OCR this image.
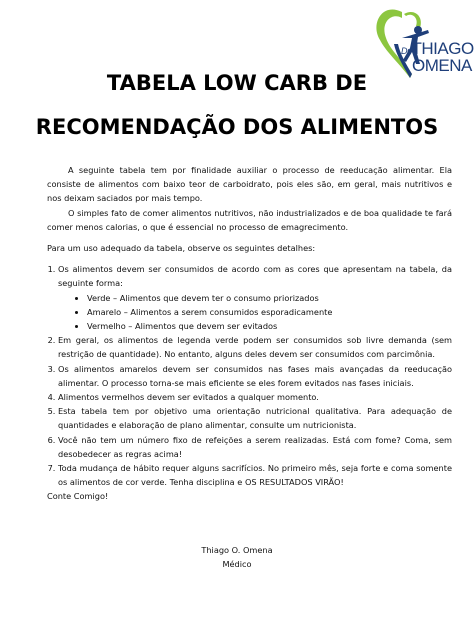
Dr THIAGO
OMENA
TABELA LOW CARB DE
RECOMENDAÇÃO DOS ALIMENTOS

A seguinte tabela tem por finalidade auxiliar o processo de reeducação alimentar. Ela consiste de alimentos com baixo teor de carboidrato, pois eles são, em geral, mais nutritivos e nos deixam saciados por mais tempo.

O simples fato de comer alimentos nutritivos, não industrializados e de boa qualidade te fará comer menos calorias, o que é essencial no processo de emagrecimento.

Para um uso adequado da tabela, observe os seguintes detalhes:

1. Os alimentos devem ser consumidos de acordo com as cores que apresentam na tabela, da seguinte forma:
• Verde – Alimentos que devem ter o consumo priorizados
• Amarelo – Alimentos a serem consumidos esporadicamente
• Vermelho – Alimentos que devem ser evitados
2. Em geral, os alimentos de legenda verde podem ser consumidos sob livre demanda (sem restrição de quantidade). No entanto, alguns deles devem ser consumidos com parcimônia.
3. Os alimentos amarelos devem ser consumidos nas fases mais avançadas da reeducação alimentar. O processo torna-se mais eficiente se eles forem evitados nas fases iniciais.
4. Alimentos vermelhos devem ser evitados a qualquer momento.
5. Esta tabela tem por objetivo uma orientação nutricional qualitativa. Para adequação de quantidades e elaboração de plano alimentar, consulte um nutricionista.
6. Você não tem um número fixo de refeições a serem realizadas. Está com fome? Coma, sem desobedecer as regras acima!
7. Toda mudança de hábito requer alguns sacrifícios. No primeiro mês, seja forte e coma somente os alimentos de cor verde. Tenha disciplina e OS RESULTADOS VIRÃO!

Conte Comigo!

Thiago O. Omena
Médico
